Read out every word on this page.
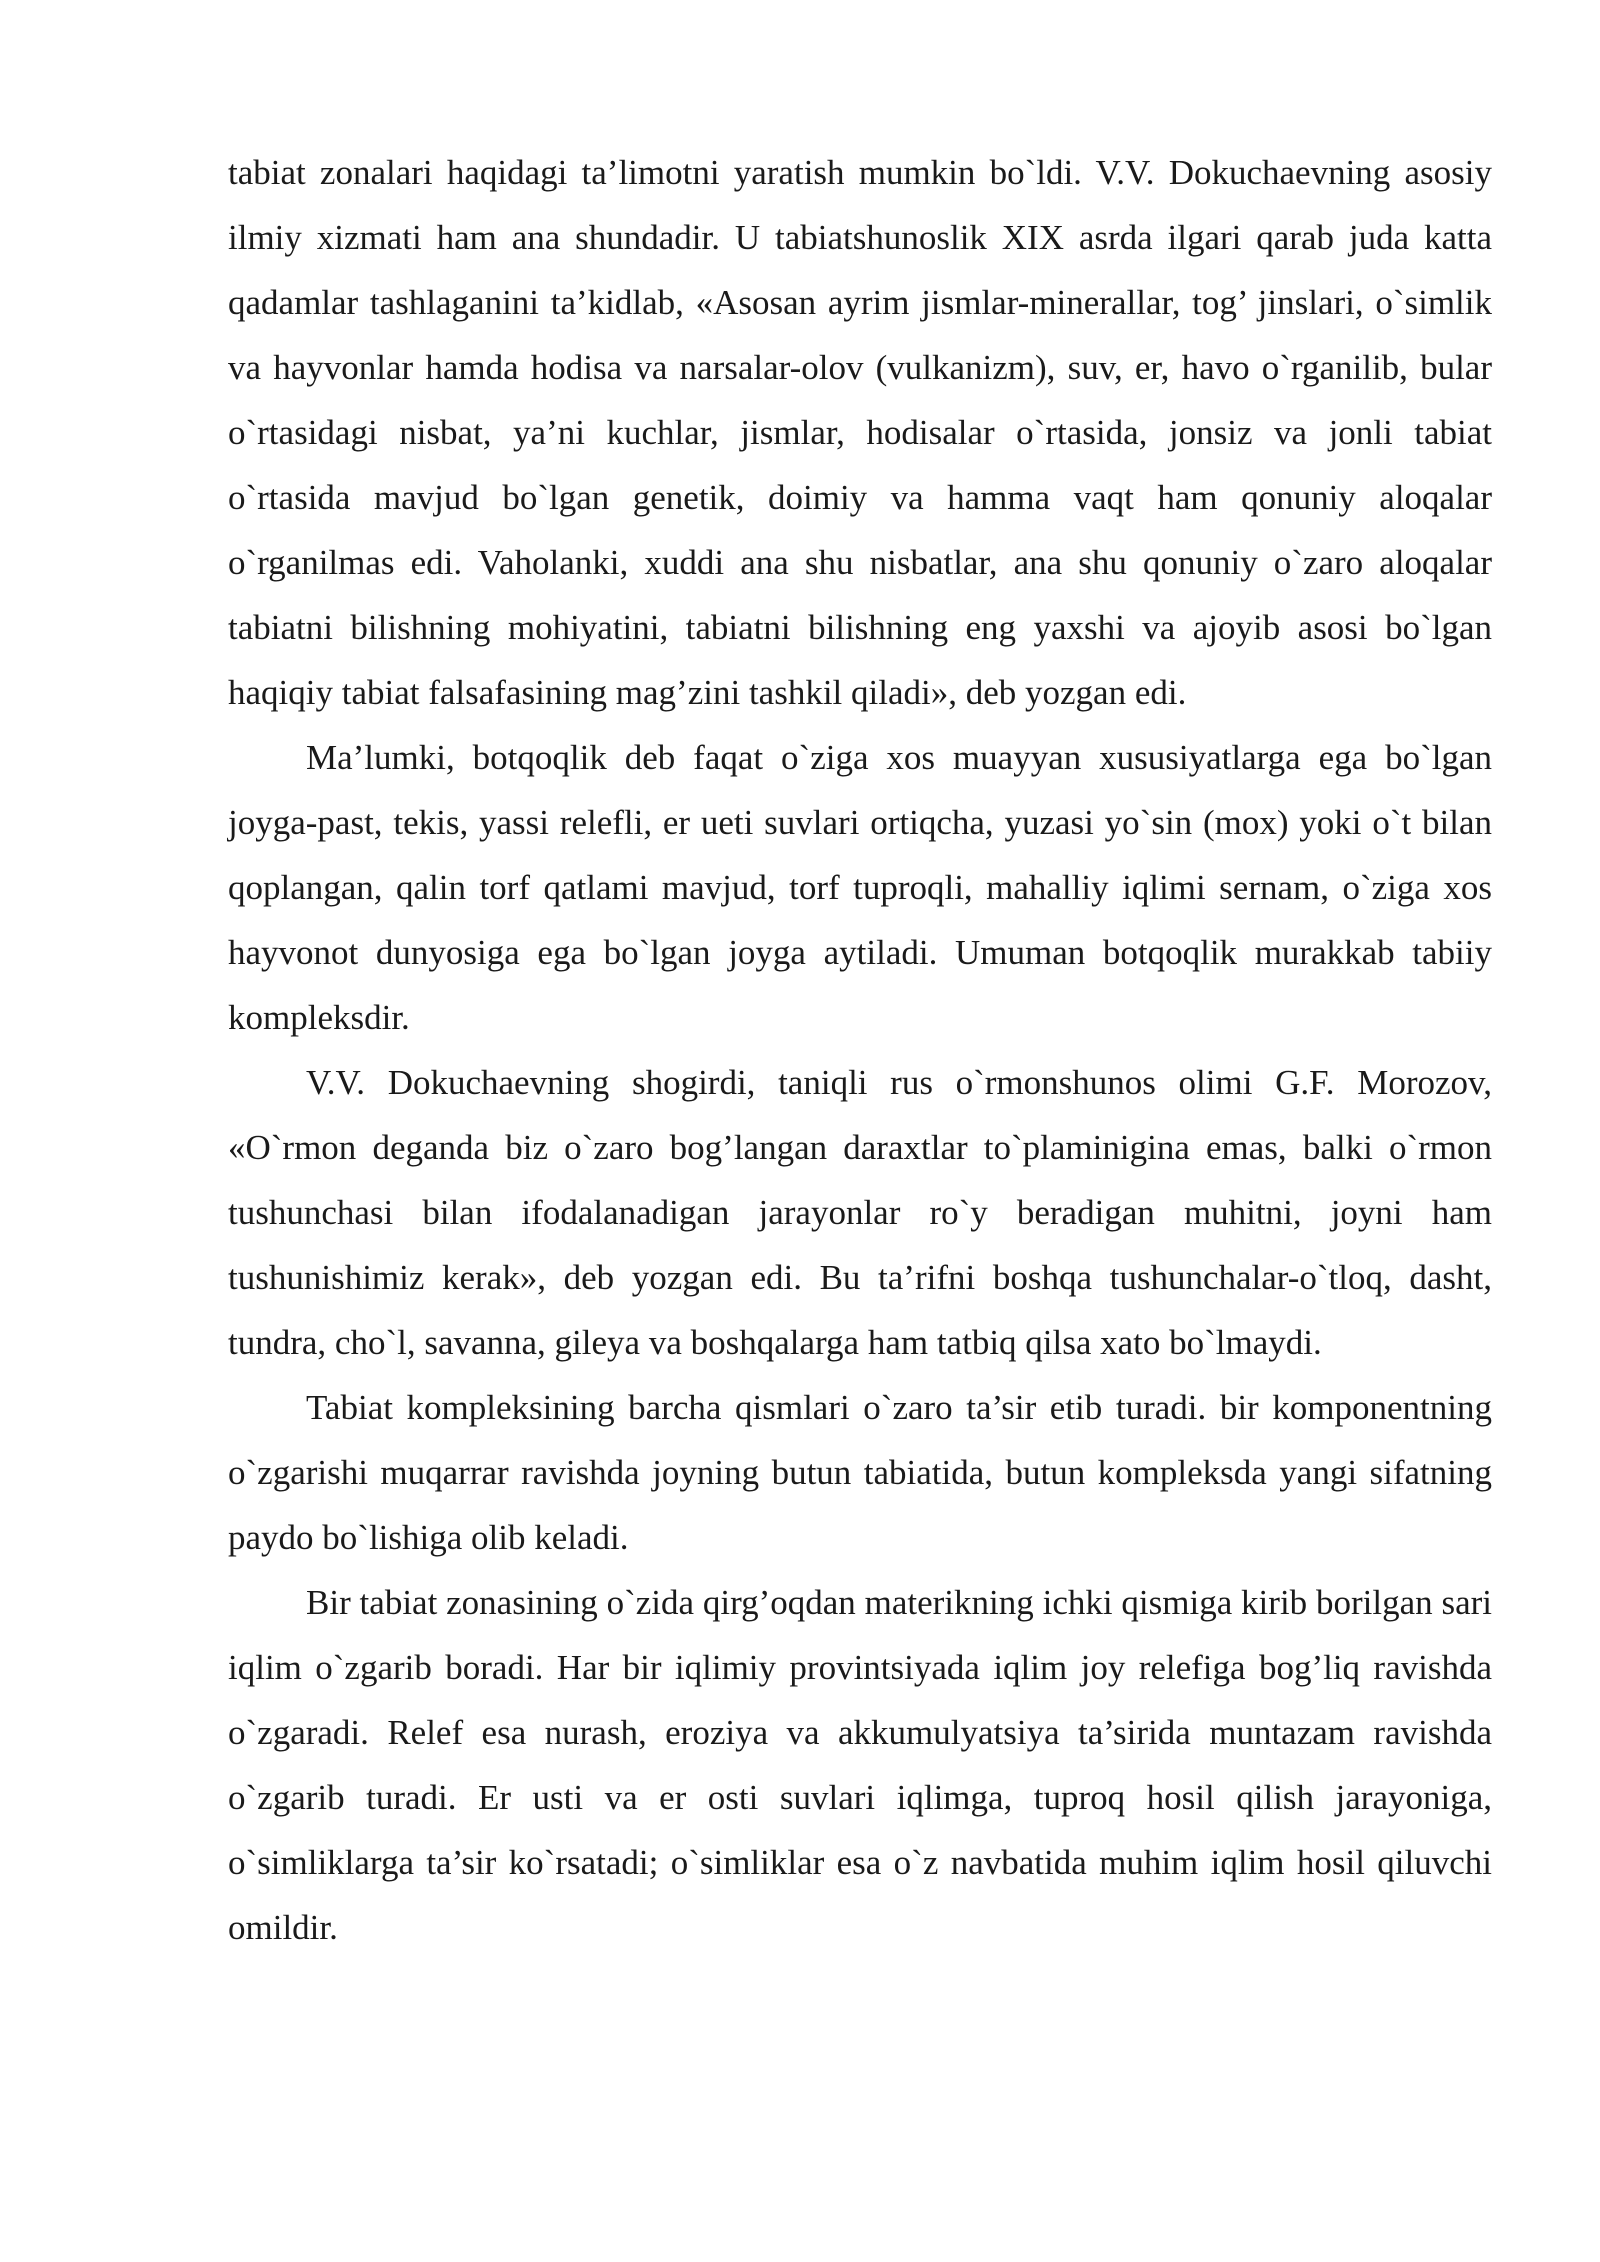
tabiat zonalari haqidagi ta’limotni yaratish mumkin bo`ldi. V.V. Dokuchaevning asosiy ilmiy xizmati ham ana shundadir. U tabiatshunoslik XIX asrda ilgari qarab juda katta qadamlar tashlaganini ta’kidlab, «Asosan ayrim jismlar-minerallar, tog’ jinslari, o`simlik va hayvonlar hamda hodisa va narsalar-olov (vulkanizm), suv, er, havo o`rganilib, bular o`rtasidagi nisbat, ya’ni kuchlar, jismlar, hodisalar o`rtasida, jonsiz va jonli tabiat o`rtasida mavjud bo`lgan genetik, doimiy va hamma vaqt ham qonuniy aloqalar o`rganilmas edi. Vaholanki, xuddi ana shu nisbatlar, ana shu qonuniy o`zaro aloqalar tabiatni bilishning mohiyatini, tabiatni bilishning eng yaxshi va ajoyib asosi bo`lgan haqiqiy tabiat falsafasining mag’zini tashkil qiladi», deb yozgan edi.

Ma’lumki, botqoqlik deb faqat o`ziga xos muayyan xususiyatlarga ega bo`lgan joyga-past, tekis, yassi relefli, er ueti suvlari ortiqcha, yuzasi yo`sin (mox) yoki o`t bilan qoplangan, qalin torf qatlami mavjud, torf tuproqli, mahalliy iqlimi sernam, o`ziga xos hayvonot dunyosiga ega bo`lgan joyga aytiladi. Umuman botqoqlik murakkab tabiiy kompleksdir.

V.V. Dokuchaevning shogirdi, taniqli rus o`rmonshunos olimi G.F. Morozov, «O`rmon deganda biz o`zaro bog’langan daraxtlar to`plaminigina emas, balki o`rmon tushunchasi bilan ifodalanadigan jarayonlar ro`y beradigan muhitni, joyni ham tushunishimiz kerak», deb yozgan edi. Bu ta’rifni boshqa tushunchalar-o`tloq, dasht, tundra, cho`l, savanna, gileya va boshqalarga ham tatbiq qilsa xato bo`lmaydi.

Tabiat kompleksining barcha qismlari o`zaro ta’sir etib turadi. bir komponentning o`zgarishi muqarrar ravishda joyning butun tabiatida, butun kompleksda yangi sifatning paydo bo`lishiga olib keladi.

Bir tabiat zonasining o`zida qirg’oqdan materikning ichki qismiga kirib borilgan sari iqlim o`zgarib boradi. Har bir iqlimiy provintsiyada iqlim joy relefiga bog’liq ravishda o`zgaradi. Relef esa nurash, eroziya va akkumulyatsiya ta’sirida muntazam ravishda o`zgarib turadi. Er usti va er osti suvlari iqlimga, tuproq hosil qilish jarayoniga, o`simliklarga ta’sir ko`rsatadi; o`simliklar esa o`z navbatida muhim iqlim hosil qiluvchi omildir.
